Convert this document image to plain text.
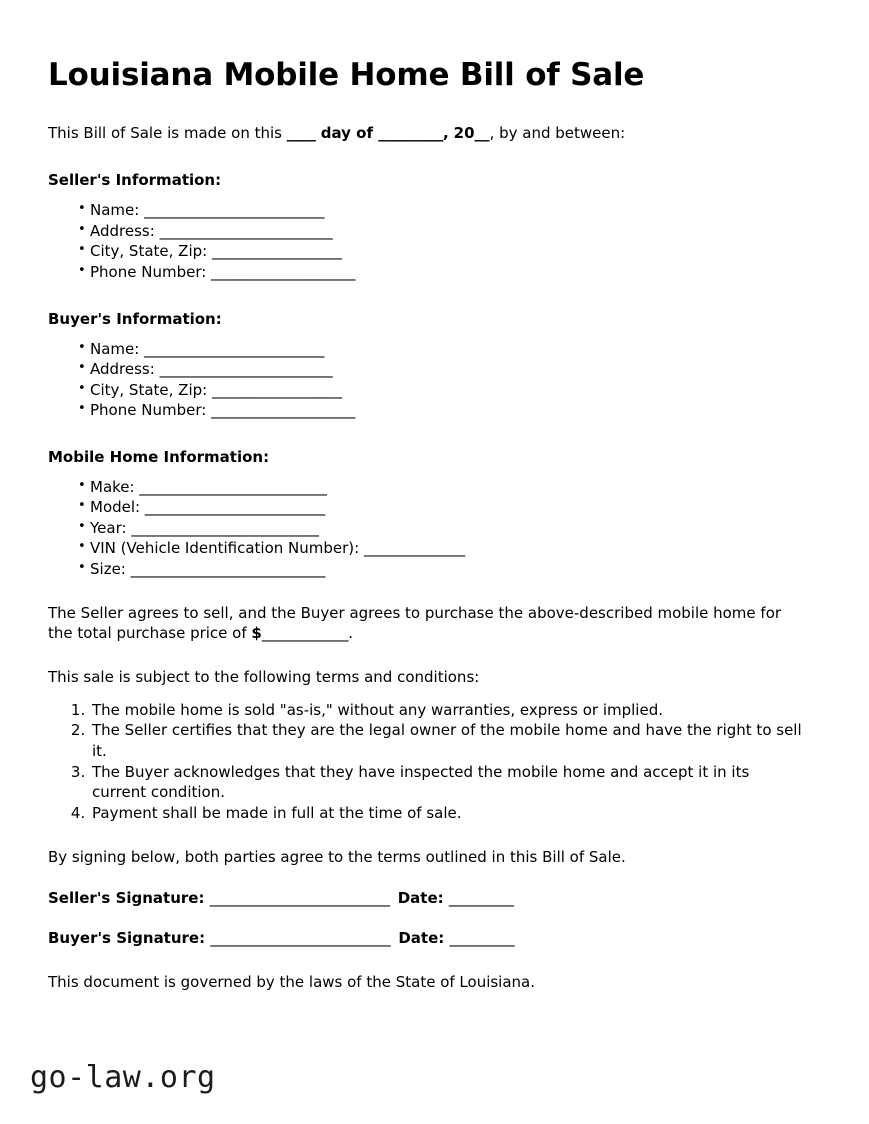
Louisiana Mobile Home Bill of Sale
This Bill of Sale is made on this ____ day of _________, 20__, by and between:
Seller's Information:
• Name: _________________________
• Address: ________________________
• City, State, Zip: __________________
• Phone Number: ____________________
Buyer's Information:
• Name: _________________________
• Address: ________________________
• City, State, Zip: __________________
• Phone Number: ____________________
Mobile Home Information:
• Make: __________________________
• Model: _________________________
• Year: __________________________
• VIN (Vehicle Identification Number): ______________
• Size: ___________________________

The Seller agrees to sell, and the Buyer agrees to purchase the above-described mobile home for the total purchase price of $____________.

This sale is subject to the following terms and conditions:

1. The mobile home is sold "as-is," without any warranties, express or implied.
2. The Seller certifies that they are the legal owner of the mobile home and have the right to sell it.
3. The Buyer acknowledges that they have inspected the mobile home and accept it in its current condition.
4. Payment shall be made in full at the time of sale.

By signing below, both parties agree to the terms outlined in this Bill of Sale.

Seller's Signature: _________________________ Date: _________
Buyer's Signature: _________________________ Date: _________

This document is governed by the laws of the State of Louisiana.

go-law.org
